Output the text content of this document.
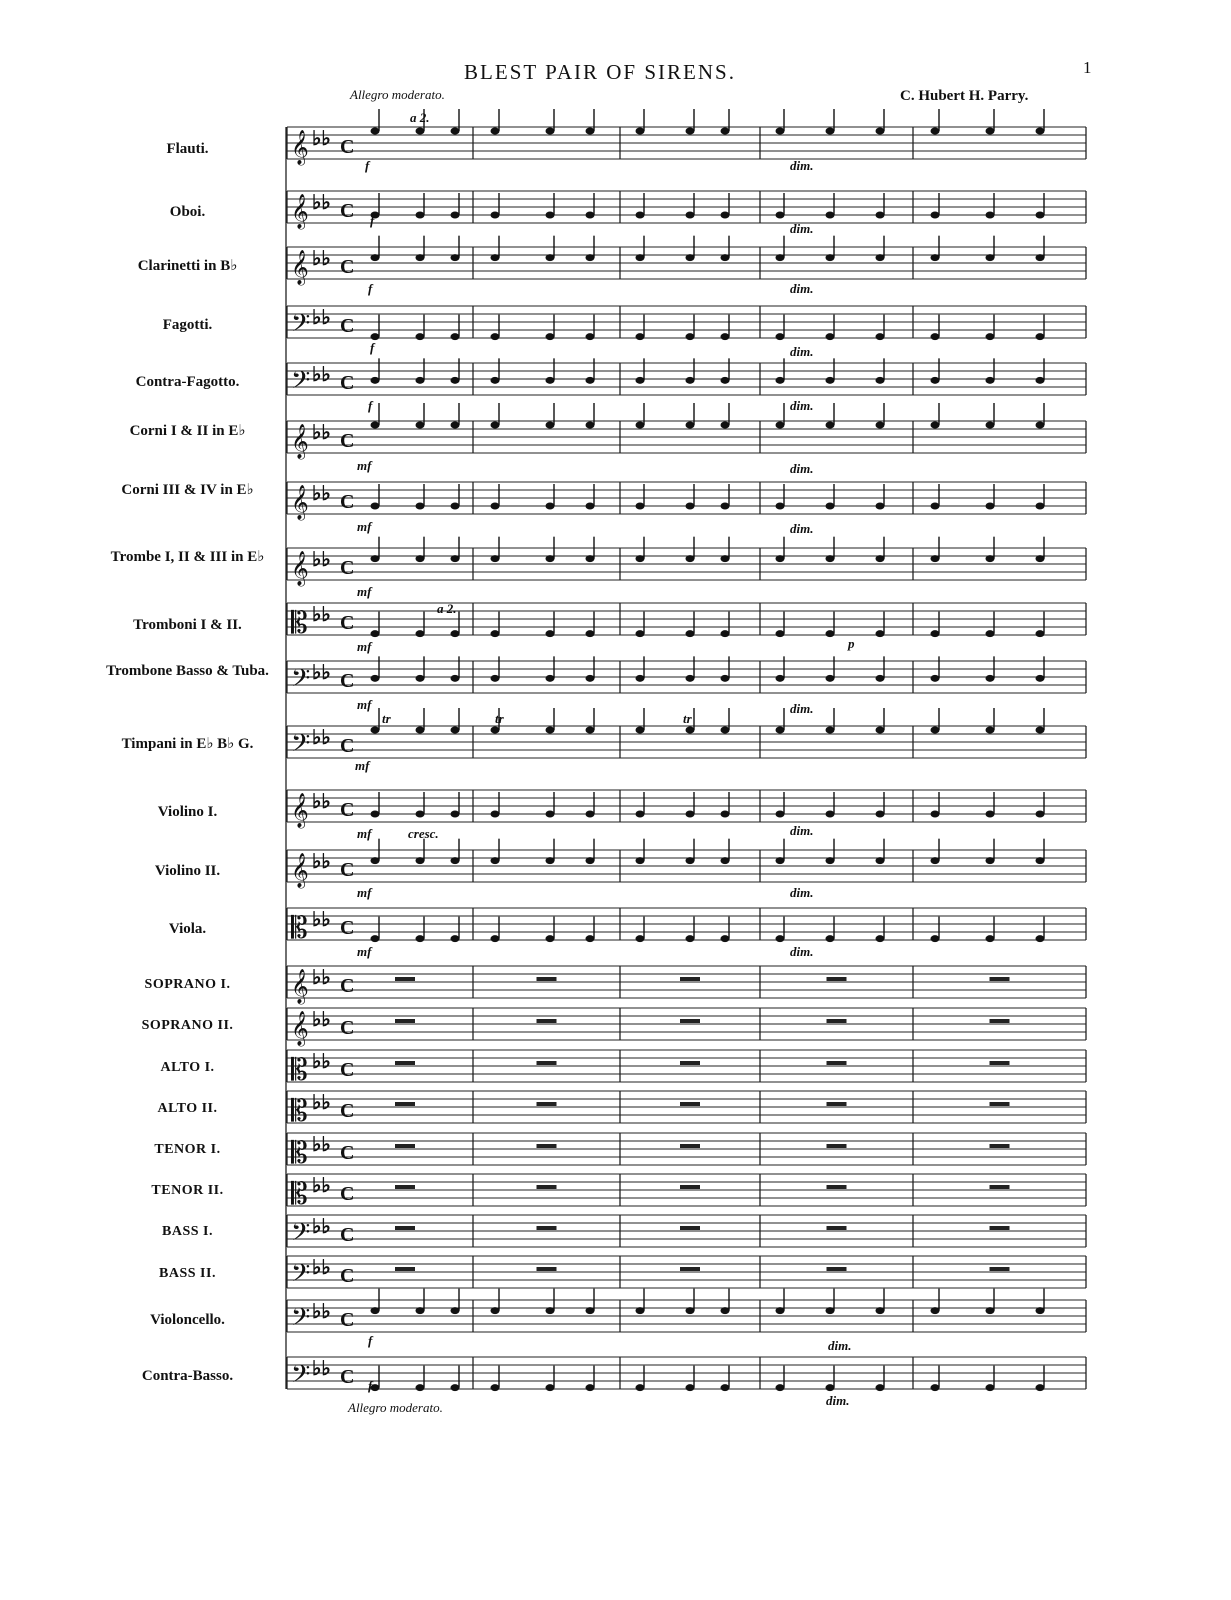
1
BLEST PAIR OF SIRENS.
C. Hubert H. Parry.
Allegro moderato.
Allegro moderato.
Flauti.
Oboi.
Clarinetti in B♭
Fagotti.
Contra-Fagotto.
Corni I & II in E♭
Corni III & IV in E♭
Trombe I, II & III in E♭
Tromboni I & II.
Trombone Basso & Tuba.
Timpani in E♭ B♭ G.
Violino I.
Violino II.
Viola.
SOPRANO I.
SOPRANO II.
ALTO I.
ALTO II.
TENOR I.
TENOR II.
BASS I.
BASS II.
Violoncello.
Contra-Basso.
𝄞 C
♭♭
𝄞 C
♭♭
𝄞 C
♭♭
𝄢 C
♭♭
𝄢 C
♭♭
𝄞 C
♭♭
𝄞 C
♭♭
𝄞 C
♭♭
𝄡 C
♭♭
𝄢 C
♭♭
𝄢 C
♭♭
𝄞 C
♭♭
𝄞 C
♭♭
𝄡 C
♭♭
𝄞 C
♭♭
𝄞 C
♭♭
𝄡 C
♭♭
𝄡 C
♭♭
𝄡 C
♭♭
𝄡 C
♭♭
𝄢 C
♭♭
𝄢 C
♭♭
𝄢 C
♭♭
𝄢 C
♭♭
f
f
f
f
f
mf
mf
mf
mf
mf
mf
mf
mf
mf
f
f
dim.
dim.
dim.
dim.
dim.
dim.
dim.
dim.
dim.
dim.
dim.
dim.
dim.
cresc.
a 2.
a 2.
p
tr	tr	tr
